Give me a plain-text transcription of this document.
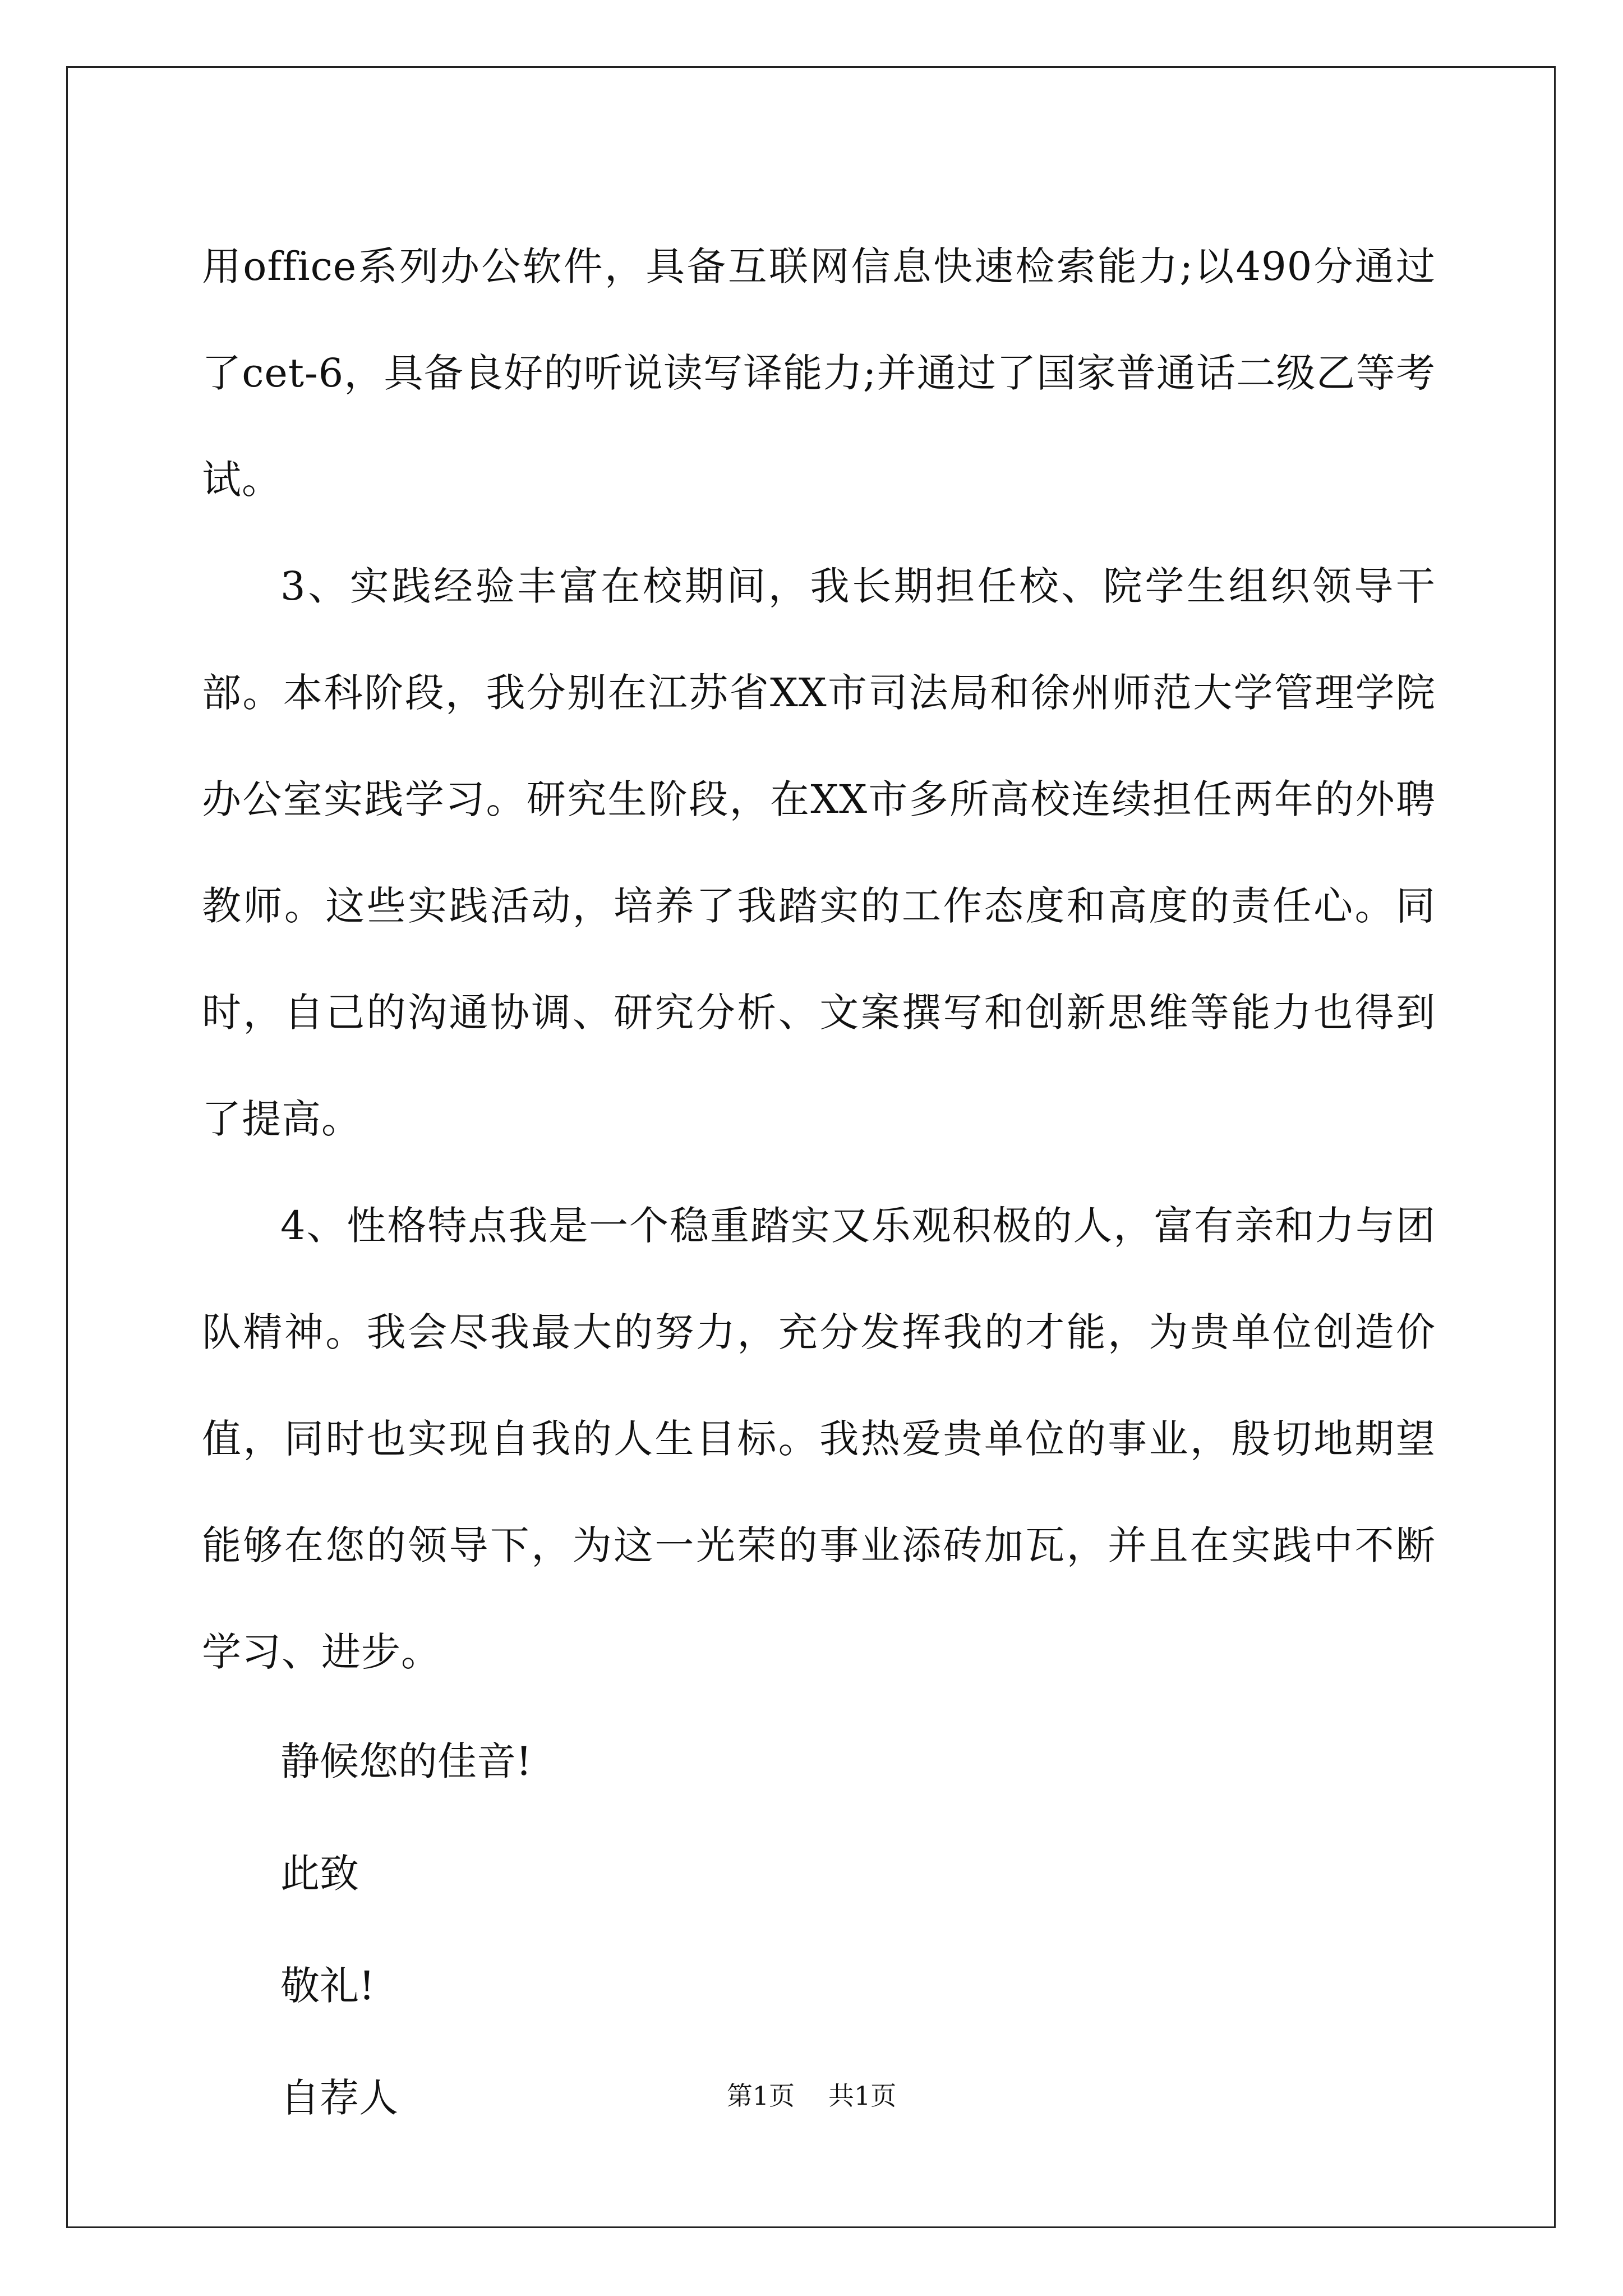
用office系列办公软件，具备互联网信息快速检索能力;以490分通过了cet-6，具备良好的听说读写译能力;并通过了国家普通话二级乙等考试。

3、实践经验丰富在校期间，我长期担任校、院学生组织领导干部。本科阶段，我分别在江苏省XX市司法局和徐州师范大学管理学院办公室实践学习。研究生阶段，在XX市多所高校连续担任两年的外聘教师。这些实践活动，培养了我踏实的工作态度和高度的责任心。同时，自己的沟通协调、研究分析、文案撰写和创新思维等能力也得到了提高。

4、性格特点我是一个稳重踏实又乐观积极的人，富有亲和力与团队精神。我会尽我最大的努力，充分发挥我的才能，为贵单位创造价值，同时也实现自我的人生目标。我热爱贵单位的事业，殷切地期望能够在您的领导下，为这一光荣的事业添砖加瓦，并且在实践中不断学习、进步。

静候您的佳音!

此致

敬礼!

自荐人	第1页 共1页
